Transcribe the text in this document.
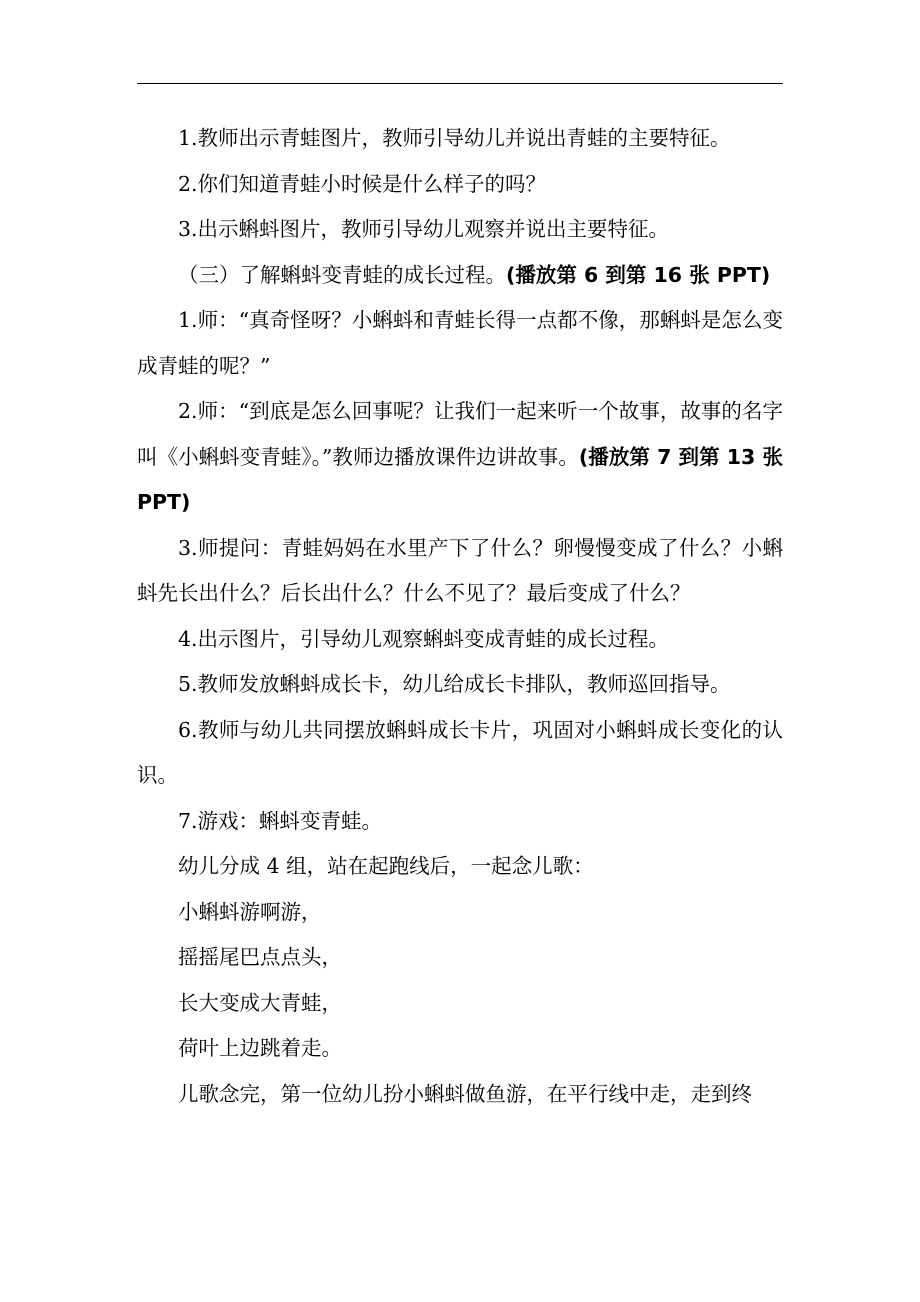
1.教师出示青蛙图片，教师引导幼儿并说出青蛙的主要特征。

2.你们知道青蛙小时候是什么样子的吗？

3.出示蝌蚪图片，教师引导幼儿观察并说出主要特征。

（三）了解蝌蚪变青蛙的成长过程。(播放第 6 到第 16 张 PPT)

1.师：“真奇怪呀？小蝌蚪和青蛙长得一点都不像，那蝌蚪是怎么变成青蛙的呢？”

2.师：“到底是怎么回事呢？让我们一起来听一个故事，故事的名字叫《小蝌蚪变青蛙》。”教师边播放课件边讲故事。(播放第 7 到第 13 张 PPT)

3.师提问：青蛙妈妈在水里产下了什么？卵慢慢变成了什么？小蝌蚪先长出什么？后长出什么？什么不见了？最后变成了什么？

4.出示图片，引导幼儿观察蝌蚪变成青蛙的成长过程。

5.教师发放蝌蚪成长卡，幼儿给成长卡排队，教师巡回指导。

6.教师与幼儿共同摆放蝌蚪成长卡片，巩固对小蝌蚪成长变化的认识。

7.游戏：蝌蚪变青蛙。

幼儿分成 4 组，站在起跑线后，一起念儿歌：

小蝌蚪游啊游，

摇摇尾巴点点头，

长大变成大青蛙，

荷叶上边跳着走。

儿歌念完，第一位幼儿扮小蝌蚪做鱼游，在平行线中走，走到终
